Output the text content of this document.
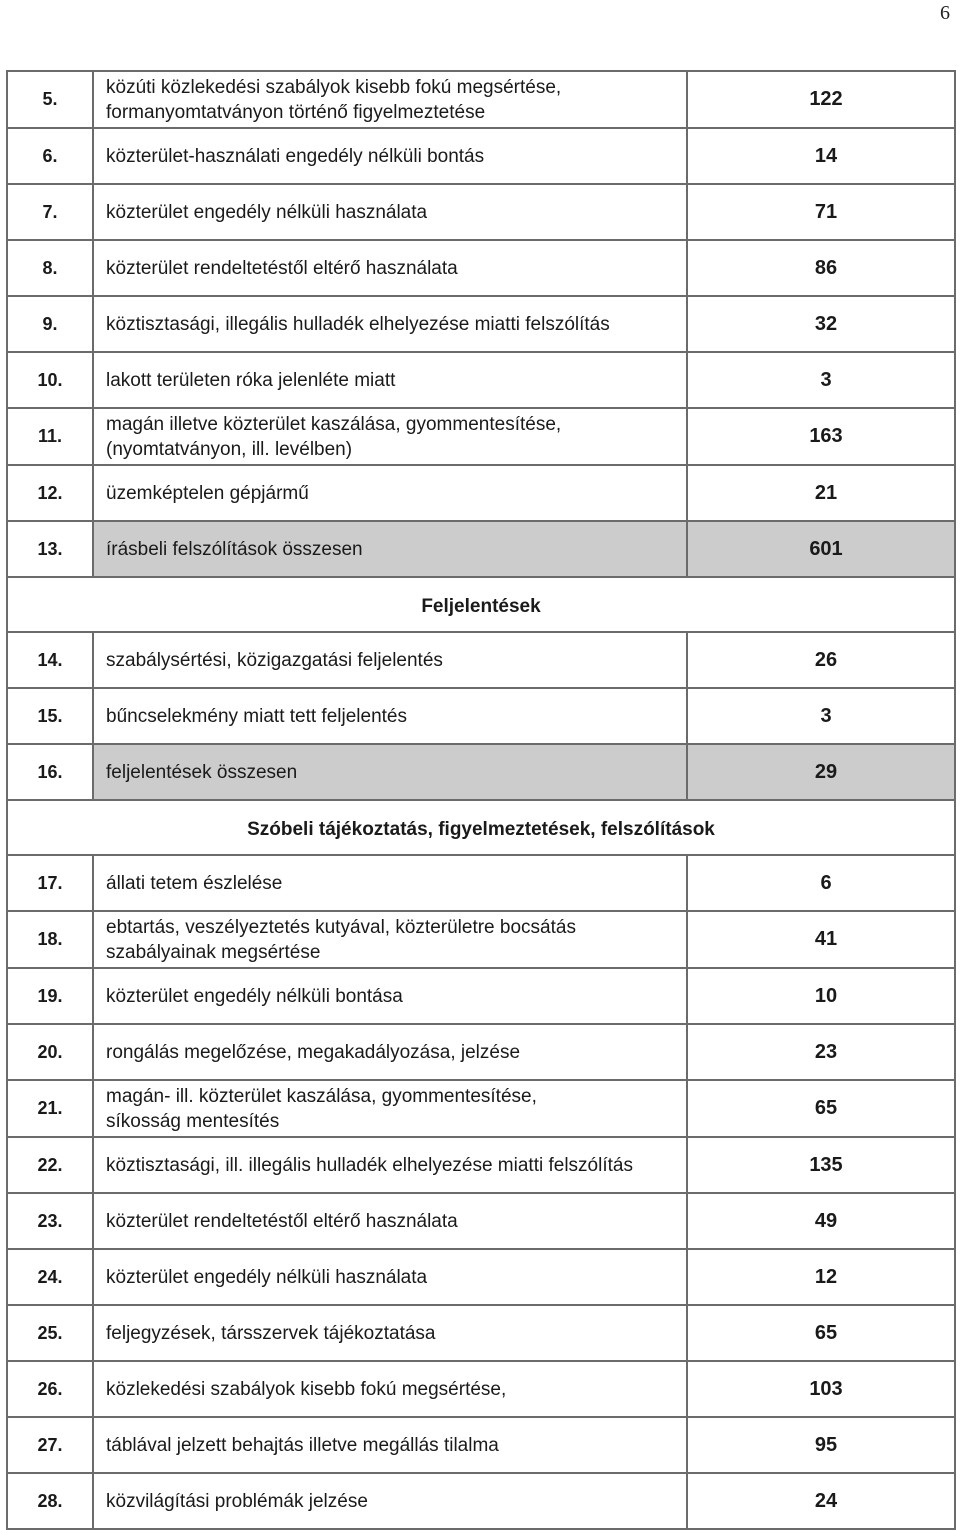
6
5.	közúti közlekedési szabályok kisebb fokú megsértése,
formanyomtatványon történő figyelmeztetése	122
6.	közterület-használati engedély nélküli bontás	14
7.	közterület engedély nélküli használata	71
8.	közterület rendeltetéstől eltérő használata	86
9.	köztisztasági, illegális hulladék elhelyezése miatti felszólítás	32
10.	lakott területen róka jelenléte miatt	3
11.	magán illetve közterület kaszálása, gyommentesítése,
(nyomtatványon, ill. levélben)	163
12.	üzemképtelen gépjármű	21
13.	írásbeli felszólítások összesen	601
Feljelentések		
14.	szabálysértési, közigazgatási feljelentés	26
15.	bűncselekmény miatt tett feljelentés	3
16.	feljelentések összesen	29
Szóbeli tájékoztatás, figyelmeztetések, felszólítások		
17.	állati tetem észlelése	6
18.	ebtartás, veszélyeztetés kutyával, közterületre bocsátás
szabályainak megsértése	41
19.	közterület engedély nélküli bontása	10
20.	rongálás megelőzése, megakadályozása, jelzése	23
21.	magán- ill. közterület kaszálása, gyommentesítése,
síkosság mentesítés	65
22.	köztisztasági, ill. illegális hulladék elhelyezése miatti felszólítás	135
23.	közterület rendeltetéstől eltérő használata	49
24.	közterület engedély nélküli használata	12
25.	feljegyzések, társszervek tájékoztatása	65
26.	közlekedési szabályok kisebb fokú megsértése,	103
27.	táblával jelzett behajtás illetve megállás tilalma	95
28.	közvilágítási problémák jelzése	24
